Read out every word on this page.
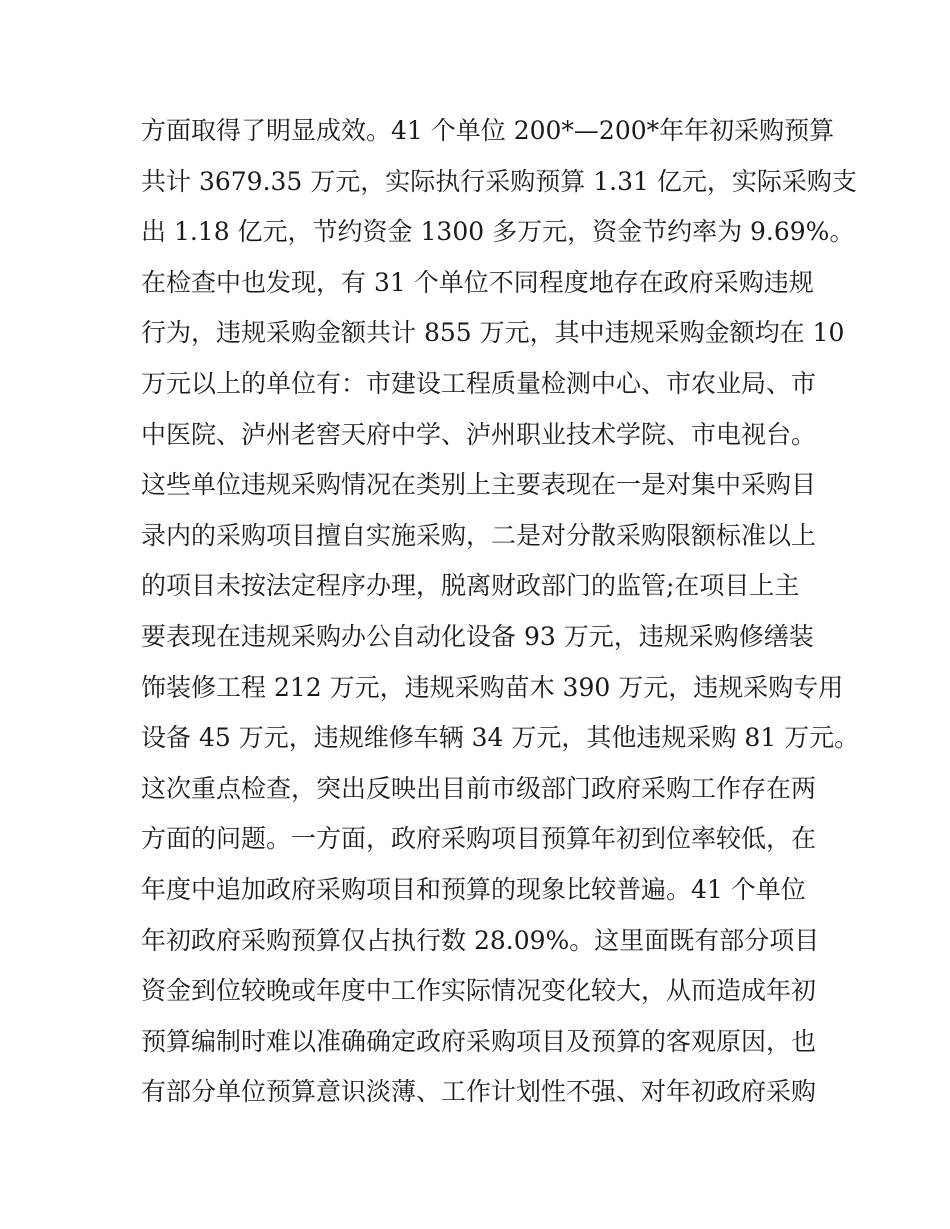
方面取得了明显成效。41 个单位 200*—200*年年初采购预算
共计 3679.35 万元，实际执行采购预算 1.31 亿元，实际采购支
出 1.18 亿元，节约资金 1300 多万元，资金节约率为 9.69%。
在检查中也发现，有 31 个单位不同程度地存在政府采购违规
行为，违规采购金额共计 855 万元，其中违规采购金额均在 10
万元以上的单位有：市建设工程质量检测中心、市农业局、市
中医院、泸州老窖天府中学、泸州职业技术学院、市电视台。
这些单位违规采购情况在类别上主要表现在一是对集中采购目
录内的采购项目擅自实施采购，二是对分散采购限额标准以上
的项目未按法定程序办理，脱离财政部门的监管;在项目上主
要表现在违规采购办公自动化设备 93 万元，违规采购修缮装
饰装修工程 212 万元，违规采购苗木 390 万元，违规采购专用
设备 45 万元，违规维修车辆 34 万元，其他违规采购 81 万元。
这次重点检查，突出反映出目前市级部门政府采购工作存在两
方面的问题。一方面，政府采购项目预算年初到位率较低，在
年度中追加政府采购项目和预算的现象比较普遍。41 个单位
年初政府采购预算仅占执行数 28.09%。这里面既有部分项目
资金到位较晚或年度中工作实际情况变化较大，从而造成年初
预算编制时难以准确确定政府采购项目及预算的客观原因，也
有部分单位预算意识淡薄、工作计划性不强、对年初政府采购
